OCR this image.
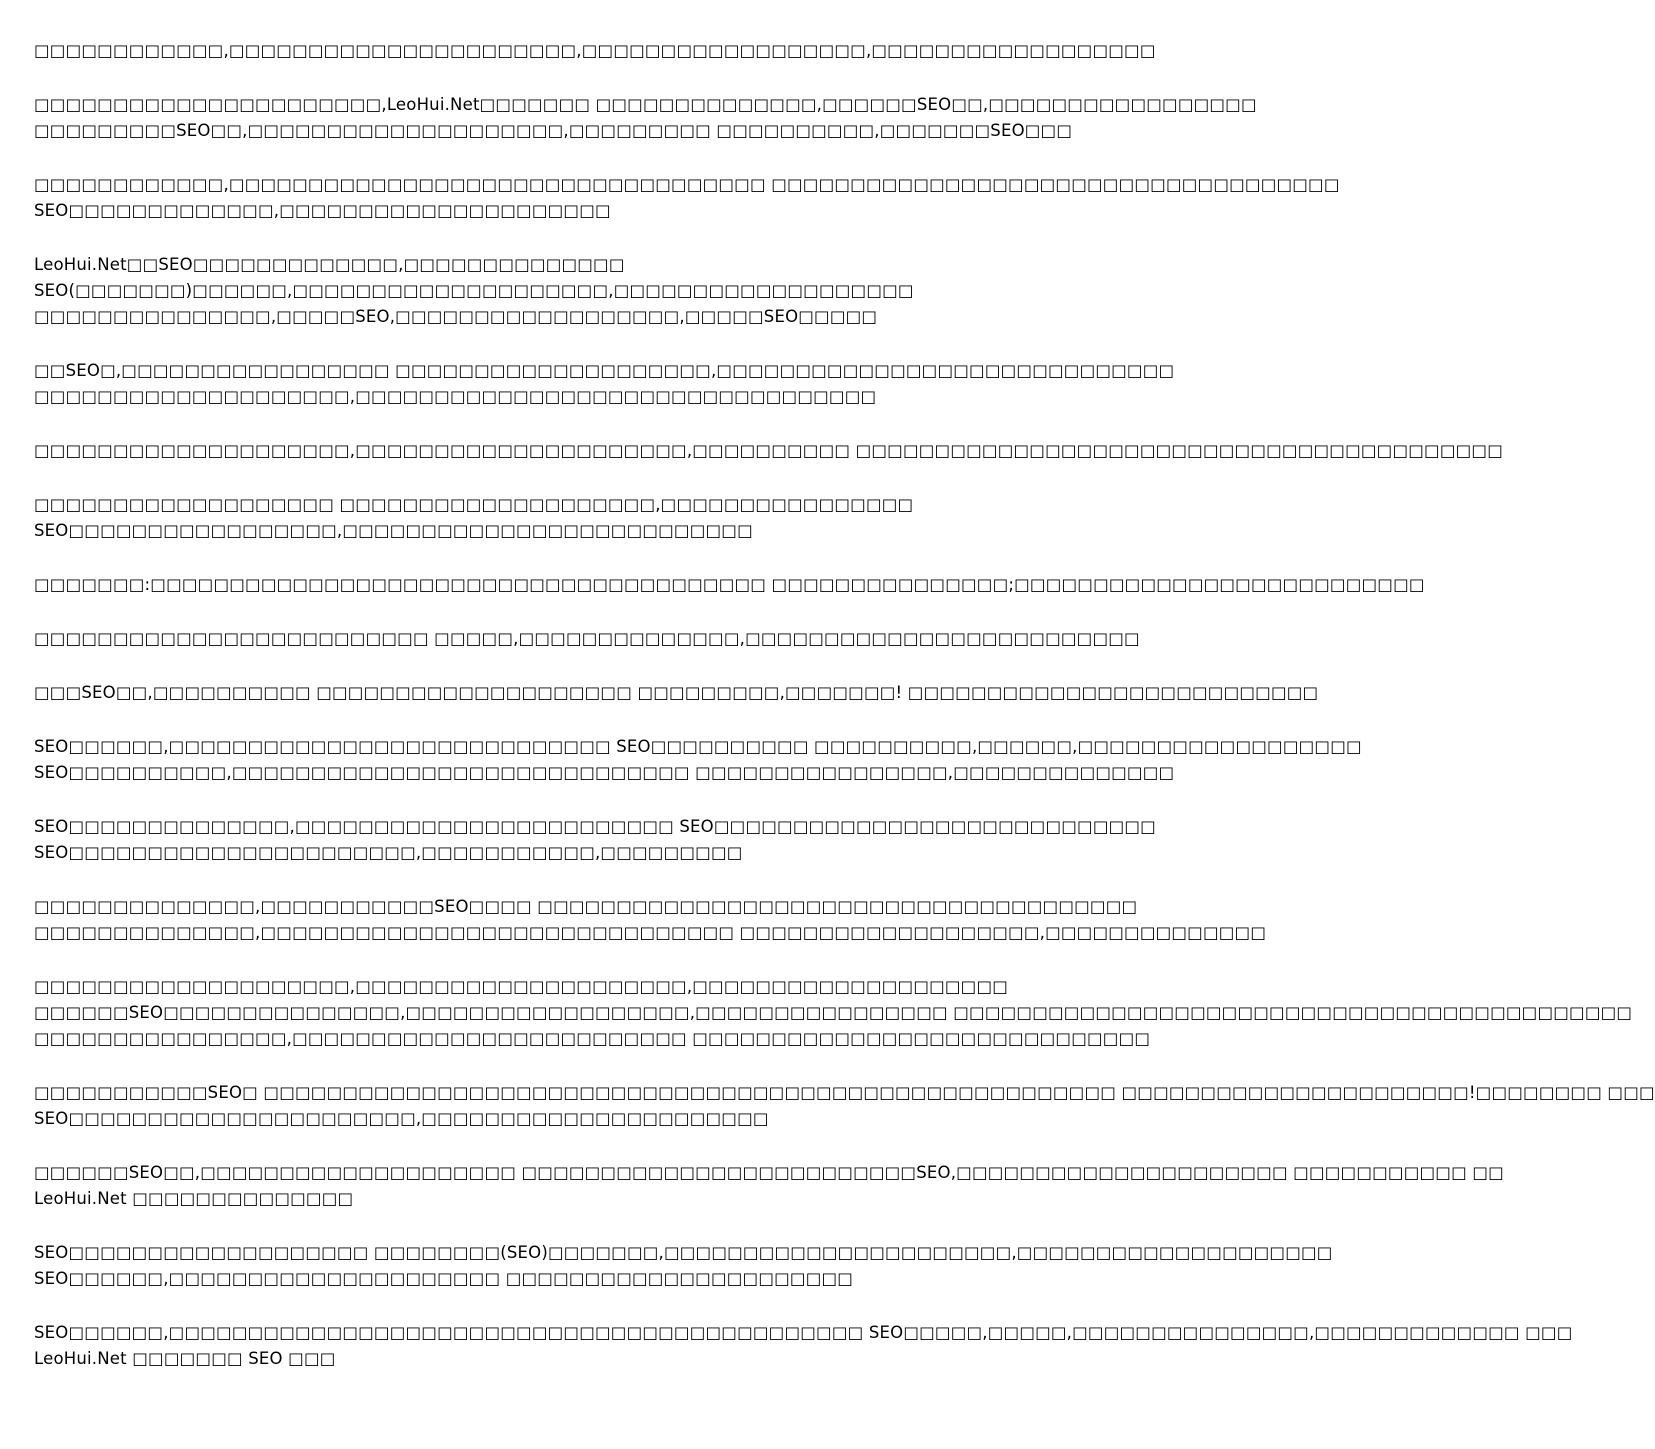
□□□□□□□□□□□□,□□□□□□□□□□□□□□□□□□□□□□,□□□□□□□□□□□□□□□□□□,□□□□□□□□□□□□□□□□□□

□□□□□□□□□□□□□□□□□□□□□□,LeoHui.Net□□□□□□□ □□□□□□□□□□□□□□,□□□□□□SEO□□,□□□□□□□□□□□□□□□□□
□□□□□□□□□SEO□□,□□□□□□□□□□□□□□□□□□□□,□□□□□□□□□ □□□□□□□□□□,□□□□□□□SEO□□□

□□□□□□□□□□□□,□□□□□□□□□□□□□□□□□□□□□□□□□□□□□□□□□□ □□□□□□□□□□□□□□□□□□□□□□□□□□□□□□□□□□□□
SEO□□□□□□□□□□□□□,□□□□□□□□□□□□□□□□□□□□□

LeoHui.Net□□SEO□□□□□□□□□□□□□,□□□□□□□□□□□□□□
SEO(□□□□□□□)□□□□□□,□□□□□□□□□□□□□□□□□□□□,□□□□□□□□□□□□□□□□□□□
□□□□□□□□□□□□□□□,□□□□□SEO,□□□□□□□□□□□□□□□□□□,□□□□□SEO□□□□□

□□SEO□,□□□□□□□□□□□□□□□□□ □□□□□□□□□□□□□□□□□□□□,□□□□□□□□□□□□□□□□□□□□□□□□□□□□□
□□□□□□□□□□□□□□□□□□□□,□□□□□□□□□□□□□□□□□□□□□□□□□□□□□□□□□

□□□□□□□□□□□□□□□□□□□□,□□□□□□□□□□□□□□□□□□□□□,□□□□□□□□□□ □□□□□□□□□□□□□□□□□□□□□□□□□□□□□□□□□□□□□□□□□

□□□□□□□□□□□□□□□□□□□ □□□□□□□□□□□□□□□□□□□□,□□□□□□□□□□□□□□□□
SEO□□□□□□□□□□□□□□□□□,□□□□□□□□□□□□□□□□□□□□□□□□□□

□□□□□□□:□□□□□□□□□□□□□□□□□□□□□□□□□□□□□□□□□□□□□□□ □□□□□□□□□□□□□□□;□□□□□□□□□□□□□□□□□□□□□□□□□□

□□□□□□□□□□□□□□□□□□□□□□□□□ □□□□□,□□□□□□□□□□□□□□,□□□□□□□□□□□□□□□□□□□□□□□□□

□□□SEO□□,□□□□□□□□□□ □□□□□□□□□□□□□□□□□□□□ □□□□□□□□□,□□□□□□□! □□□□□□□□□□□□□□□□□□□□□□□□□□

SEO□□□□□□,□□□□□□□□□□□□□□□□□□□□□□□□□□□□ SEO□□□□□□□□□□ □□□□□□□□□□,□□□□□□,□□□□□□□□□□□□□□□□□□
SEO□□□□□□□□□□,□□□□□□□□□□□□□□□□□□□□□□□□□□□□□ □□□□□□□□□□□□□□□□,□□□□□□□□□□□□□□

SEO□□□□□□□□□□□□□□,□□□□□□□□□□□□□□□□□□□□□□□□ SEO□□□□□□□□□□□□□□□□□□□□□□□□□□□□
SEO□□□□□□□□□□□□□□□□□□□□□□,□□□□□□□□□□□,□□□□□□□□□

□□□□□□□□□□□□□□,□□□□□□□□□□□SEO□□□□ □□□□□□□□□□□□□□□□□□□□□□□□□□□□□□□□□□□□□□
□□□□□□□□□□□□□□,□□□□□□□□□□□□□□□□□□□□□□□□□□□□□□ □□□□□□□□□□□□□□□□□□□,□□□□□□□□□□□□□□

□□□□□□□□□□□□□□□□□□□□,□□□□□□□□□□□□□□□□□□□□□,□□□□□□□□□□□□□□□□□□□□
□□□□□□SEO□□□□□□□□□□□□□□□,□□□□□□□□□□□□□□□□□□,□□□□□□□□□□□□□□□□ □□□□□□□□□□□□□□□□□□□□□□□□□□□□□□□□□□□□□□□□□□□
□□□□□□□□□□□□□□□□,□□□□□□□□□□□□□□□□□□□□□□□□□ □□□□□□□□□□□□□□□□□□□□□□□□□□□□□

□□□□□□□□□□□SEO□ □□□□□□□□□□□□□□□□□□□□□□□□□□□□□□□□□□□□□□□□□□□□□□□□□□□□□□ □□□□□□□□□□□□□□□□□□□□□□!□□□□□□□□ □□□
SEO□□□□□□□□□□□□□□□□□□□□□□,□□□□□□□□□□□□□□□□□□□□□□

□□□□□□SEO□□,□□□□□□□□□□□□□□□□□□□□ □□□□□□□□□□□□□□□□□□□□□□□□□SEO,□□□□□□□□□□□□□□□□□□□□□ □□□□□□□□□□□ □□
LeoHui.Net □□□□□□□□□□□□□□

SEO□□□□□□□□□□□□□□□□□□□ □□□□□□□□(SEO)□□□□□□□,□□□□□□□□□□□□□□□□□□□□□□,□□□□□□□□□□□□□□□□□□□□
SEO□□□□□□,□□□□□□□□□□□□□□□□□□□□□ □□□□□□□□□□□□□□□□□□□□□□

SEO□□□□□□,□□□□□□□□□□□□□□□□□□□□□□□□□□□□□□□□□□□□□□□□□□□□ SEO□□□□□,□□□□□,□□□□□□□□□□□□□□□,□□□□□□□□□□□□□ □□□
LeoHui.Net □□□□□□□ SEO □□□
